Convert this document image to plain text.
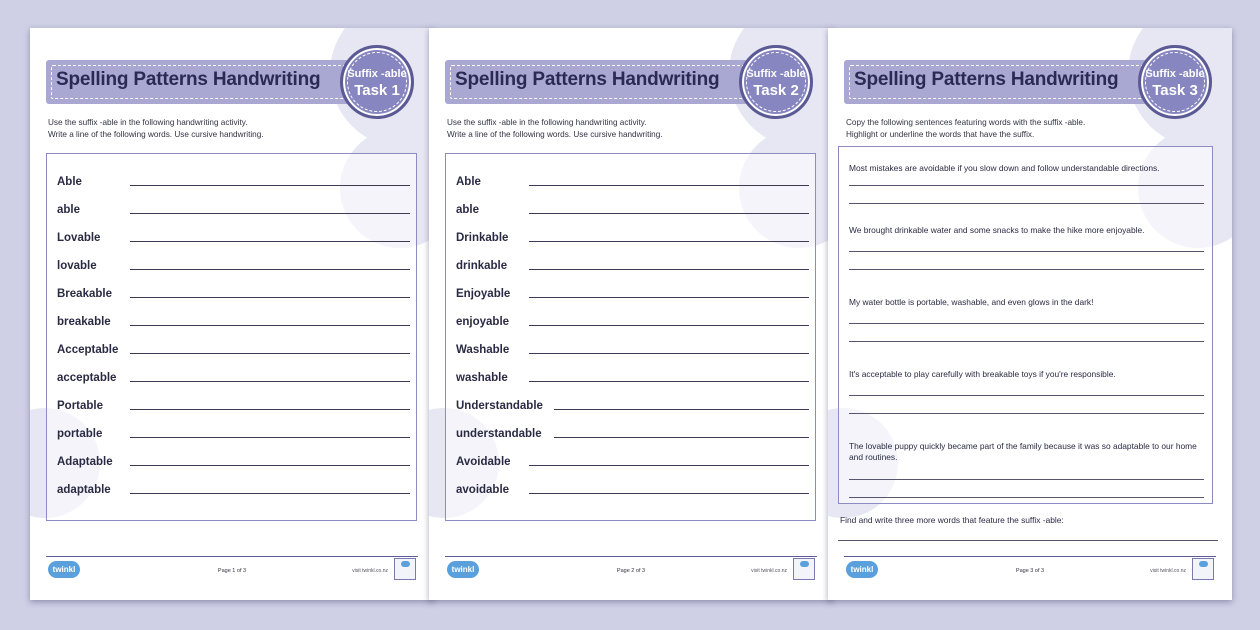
Spelling Patterns Handwriting	Suffix -able
Task 1
Use the suffix -able in the following handwriting activity.
Write a line of the following words. Use cursive handwriting.
Able
able
Lovable
lovable
Breakable
breakable
Acceptable
acceptable
Portable
portable
Adaptable
adaptable
twinkl	Page 1 of 3	visit twinkl.co.nz
Spelling Patterns Handwriting	Suffix -able
Task 2
Use the suffix -able in the following handwriting activity.
Write a line of the following words. Use cursive handwriting.
Able
able
Drinkable
drinkable
Enjoyable
enjoyable
Washable
washable
Understandable
understandable
Avoidable
avoidable
twinkl	Page 2 of 3	visit twinkl.co.nz
Spelling Patterns Handwriting	Suffix -able
Task 3
Copy the following sentences featuring words with the suffix -able.
Highlight or underline the words that have the suffix.
Most mistakes are avoidable if you slow down and follow understandable directions.
We brought drinkable water and some snacks to make the hike more enjoyable.
My water bottle is portable, washable, and even glows in the dark!
It's acceptable to play carefully with breakable toys if you're responsible.
The lovable puppy quickly became part of the family because it was so adaptable to our home and routines.
Find and write three more words that feature the suffix -able:
twinkl	Page 3 of 3	visit twinkl.co.nz
